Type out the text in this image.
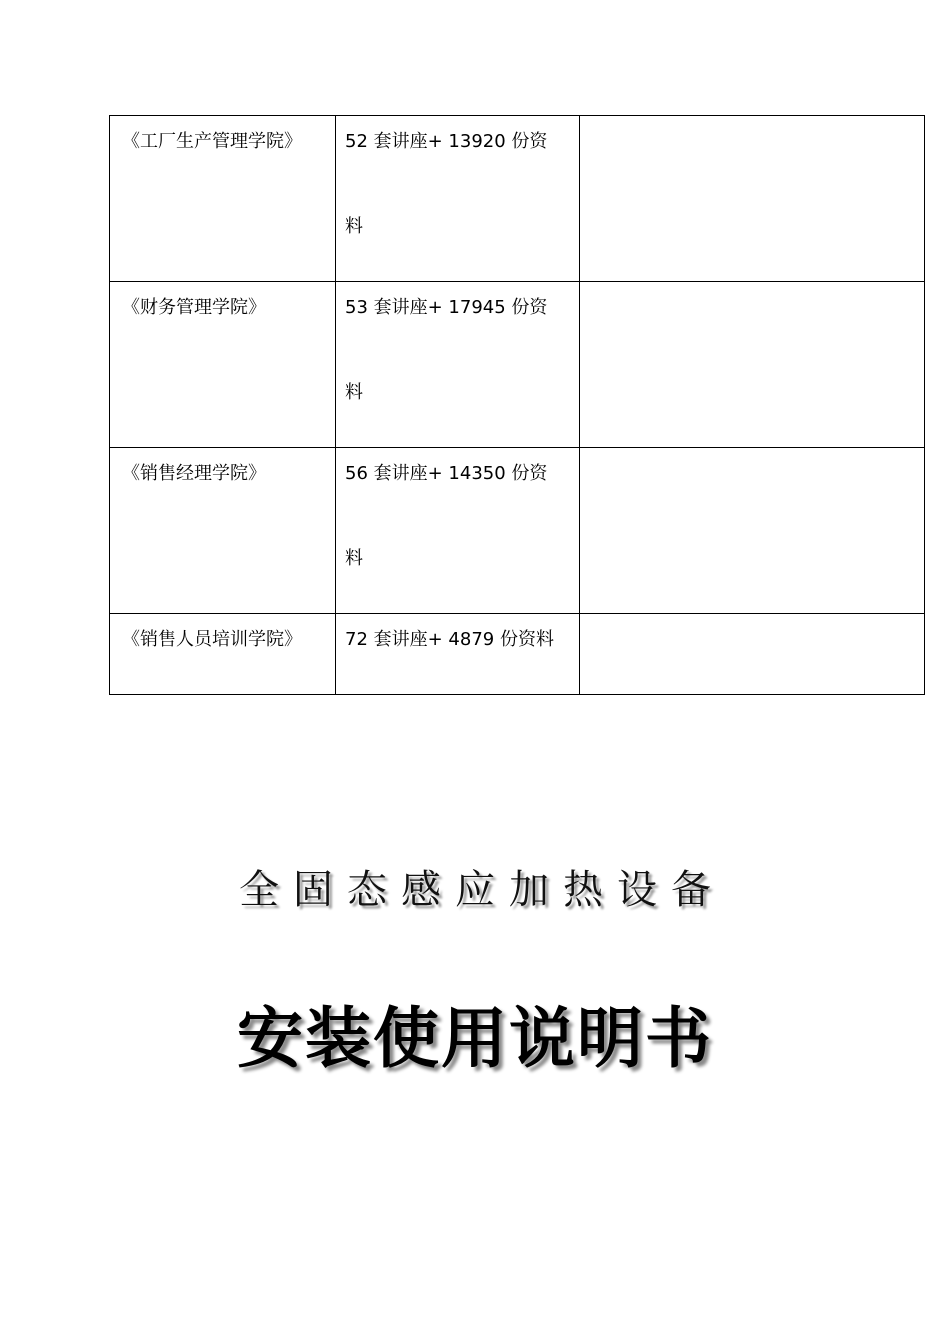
《工厂生产管理学院》	52 套讲座+ 13920 份资
料	

《财务管理学院》	53 套讲座+ 17945 份资
料	

《销售经理学院》	56 套讲座+ 14350 份资
料	

《销售人员培训学院》	72 套讲座+ 4879 份资料	

全固态感应加热设备
安装使用说明书
